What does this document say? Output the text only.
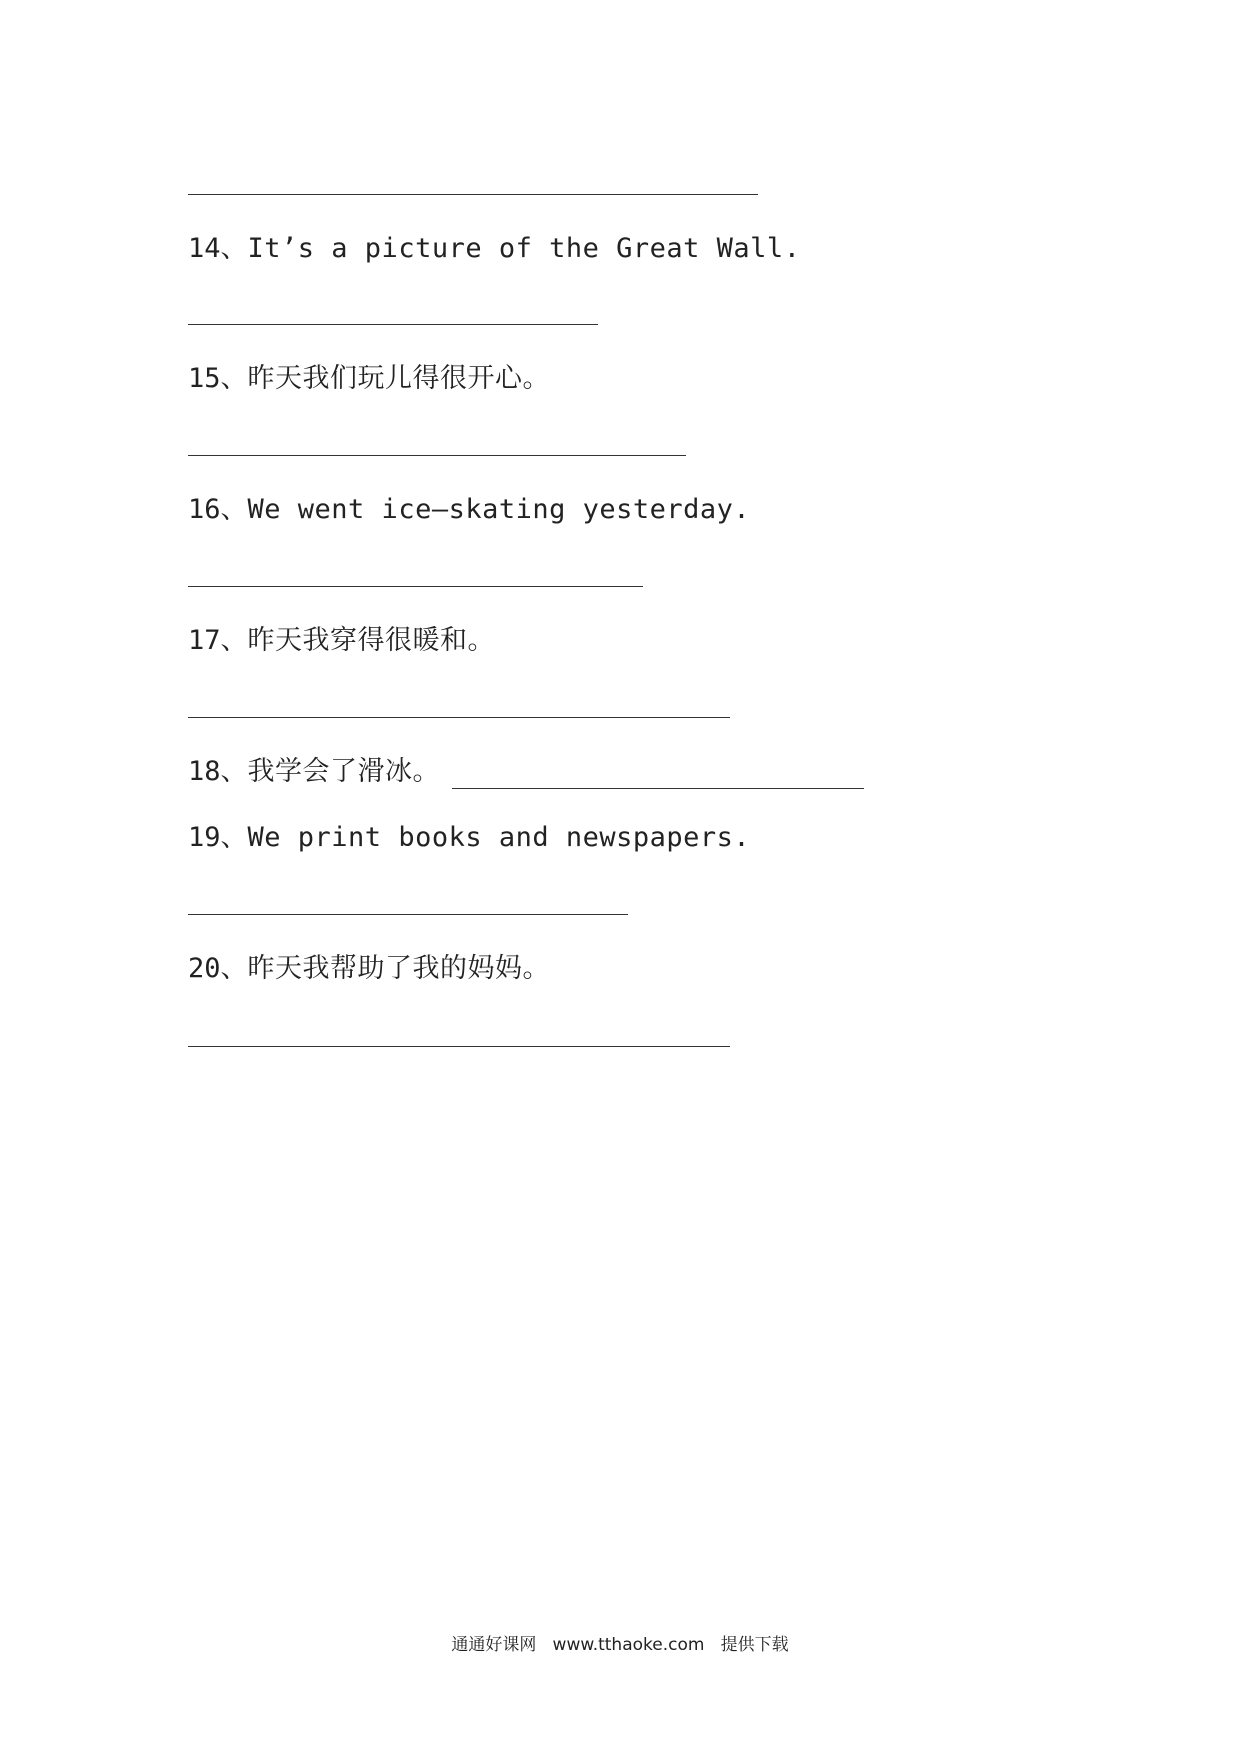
14、It’s a picture of the Great Wall.
15、昨天我们玩儿得很开心。
16、We went ice—skating yesterday.
17、昨天我穿得很暖和。
18、我学会了滑冰。
19、We print books and newspapers.
20、昨天我帮助了我的妈妈。
通通好课网 www.tthaoke.com 提供下载
